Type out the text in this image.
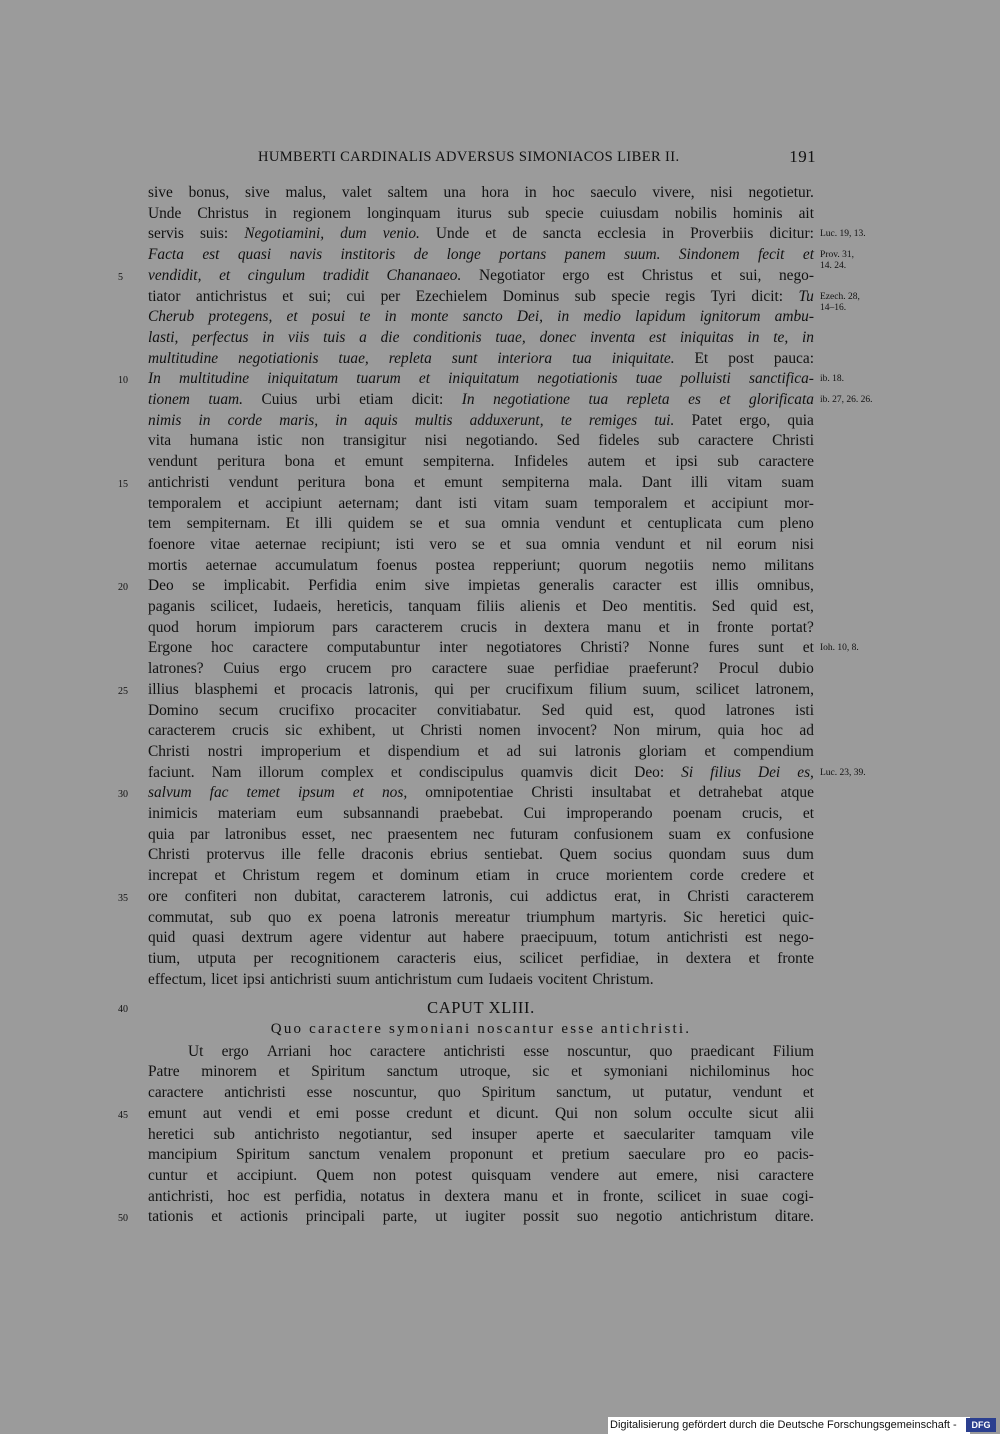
HUMBERTI CARDINALIS ADVERSUS SIMONIACOS LIBER II.	191
sive bonus, sive malus, valet saltem una hora in hoc saeculo vivere, nisi negotietur.
Unde Christus in regionem longinquam iturus sub specie cuiusdam nobilis hominis ait
servis suis: Negotiamini, dum venio. Unde et de sancta ecclesia in Proverbiis dicitur:
Facta est quasi navis institoris de longe portans panem suum. Sindonem fecit et
vendidit, et cingulum tradidit Chananaeo. Negotiator ergo est Christus et sui, nego-
5
tiator antichristus et sui; cui per Ezechielem Dominus sub specie regis Tyri dicit: Tu
Cherub protegens, et posui te in monte sancto Dei, in medio lapidum ignitorum ambu-
lasti, perfectus in viis tuis a die conditionis tuae, donec inventa est iniquitas in te, in
multitudine negotiationis tuae, repleta sunt interiora tua iniquitate. Et post pauca:
In multitudine iniquitatum tuarum et iniquitatum negotiationis tuae polluisti sanctifica-
10
tionem tuam. Cuius urbi etiam dicit: In negotiatione tua repleta es et glorificata
nimis in corde maris, in aquis multis adduxerunt, te remiges tui. Patet ergo, quia
vita humana istic non transigitur nisi negotiando. Sed fideles sub caractere Christi
vendunt peritura bona et emunt sempiterna. Infideles autem et ipsi sub caractere
antichristi vendunt peritura bona et emunt sempiterna mala. Dant illi vitam suam
15
temporalem et accipiunt aeternam; dant isti vitam suam temporalem et accipiunt mor-
tem sempiternam. Et illi quidem se et sua omnia vendunt et centuplicata cum pleno
foenore vitae aeternae recipiunt; isti vero se et sua omnia vendunt et nil eorum nisi
mortis aeternae accumulatum foenus postea repperiunt; quorum negotiis nemo militans
Deo se implicabit. Perfidia enim sive impietas generalis caracter est illis omnibus,
20
paganis scilicet, Iudaeis, hereticis, tanquam filiis alienis et Deo mentitis. Sed quid est,
quod horum impiorum pars caracterem crucis in dextera manu et in fronte portat?
Ergone hoc caractere computabuntur inter negotiatores Christi? Nonne fures sunt et
latrones? Cuius ergo crucem pro caractere suae perfidiae praeferunt? Procul dubio
illius blasphemi et procacis latronis, qui per crucifixum filium suum, scilicet latronem,
25
Domino secum crucifixo procaciter convitiabatur. Sed quid est, quod latrones isti
caracterem crucis sic exhibent, ut Christi nomen invocent? Non mirum, quia hoc ad
Christi nostri improperium et dispendium et ad sui latronis gloriam et compendium
faciunt. Nam illorum complex et condiscipulus quamvis dicit Deo: Si filius Dei es,
salvum fac temet ipsum et nos, omnipotentiae Christi insultabat et detrahebat atque
30
inimicis materiam eum subsannandi praebebat. Cui improperando poenam crucis, et
quia par latronibus esset, nec praesentem nec futuram confusionem suam ex confusione
Christi protervus ille felle draconis ebrius sentiebat. Quem socius quondam suus dum
increpat et Christum regem et dominum etiam in cruce morientem corde credere et
ore confiteri non dubitat, caracterem latronis, cui addictus erat, in Christi caracterem
35
commutat, sub quo ex poena latronis mereatur triumphum martyris. Sic heretici quic-
quid quasi dextrum agere videntur aut habere praecipuum, totum antichristi est nego-
tium, utputa per recognitionem caracteris eius, scilicet perfidiae, in dextera et fronte
effectum, licet ipsi antichristi suum antichristum cum Iudaeis vocitent Christum.
CAPUT XLIII.
40
Quo caractere symoniani noscantur esse antichristi.
Ut ergo Arriani hoc caractere antichristi esse noscuntur, quo praedicant Filium
Patre minorem et Spiritum sanctum utroque, sic et symoniani nichilominus hoc
caractere antichristi esse noscuntur, quo Spiritum sanctum, ut putatur, vendunt et
emunt aut vendi et emi posse credunt et dicunt. Qui non solum occulte sicut alii
45
heretici sub antichristo negotiantur, sed insuper aperte et saeculariter tamquam vile
mancipium Spiritum sanctum venalem proponunt et pretium saeculare pro eo pacis-
cuntur et accipiunt. Quem non potest quisquam vendere aut emere, nisi caractere
antichristi, hoc est perfidia, notatus in dextera manu et in fronte, scilicet in suae cogi-
tationis et actionis principali parte, ut iugiter possit suo negotio antichristum ditare.
50
Luc. 19, 13.
Prov. 31,
14. 24.
Ezech. 28,
14–16.
ib. 18.
ib. 27, 26. 26.
Ioh. 10, 8.
Luc. 23, 39.
Digitalisierung gefördert durch die Deutsche Forschungsgemeinschaft -	DFG
